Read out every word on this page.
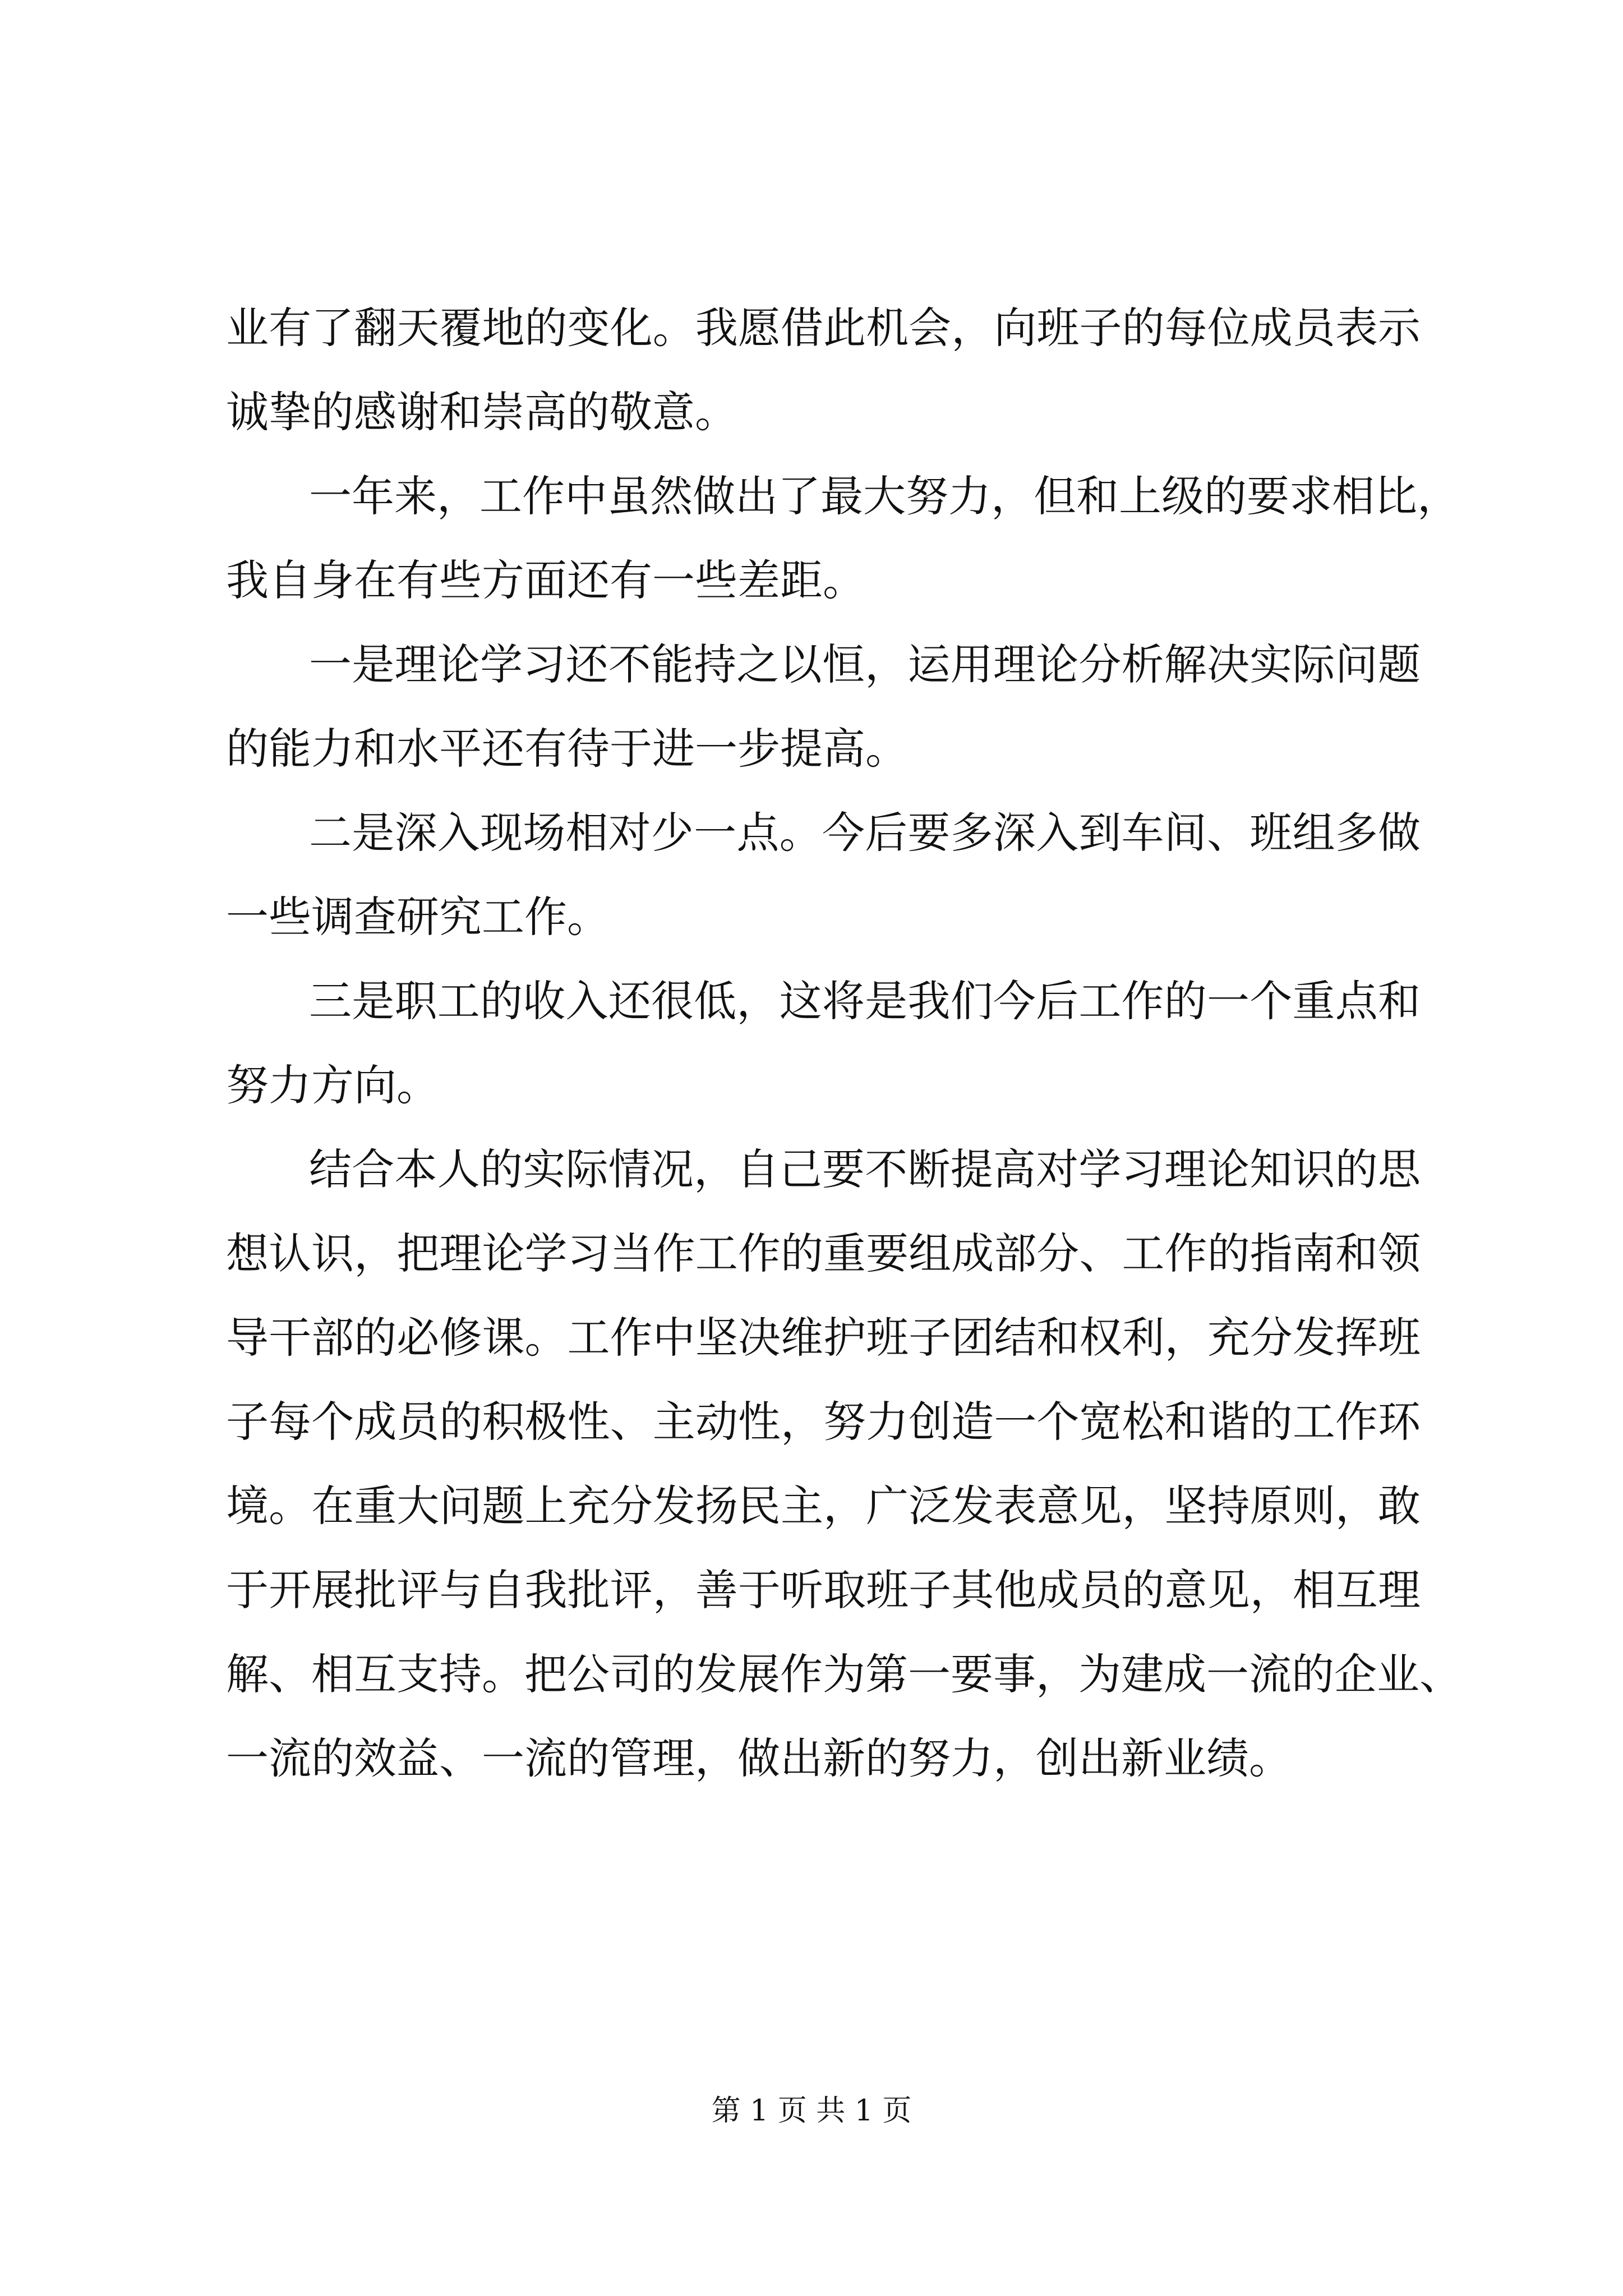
业有了翻天覆地的变化。我愿借此机会，向班子的每位成员表示
诚挚的感谢和崇高的敬意。
一年来，工作中虽然做出了最大努力，但和上级的要求相比，
我自身在有些方面还有一些差距。
一是理论学习还不能持之以恒，运用理论分析解决实际问题
的能力和水平还有待于进一步提高。
二是深入现场相对少一点。今后要多深入到车间、班组多做
一些调查研究工作。
三是职工的收入还很低，这将是我们今后工作的一个重点和
努力方向。
结合本人的实际情况，自己要不断提高对学习理论知识的思
想认识，把理论学习当作工作的重要组成部分、工作的指南和领
导干部的必修课。工作中坚决维护班子团结和权利，充分发挥班
子每个成员的积极性、主动性，努力创造一个宽松和谐的工作环
境。在重大问题上充分发扬民主，广泛发表意见，坚持原则，敢
于开展批评与自我批评，善于听取班子其他成员的意见，相互理
解、相互支持。把公司的发展作为第一要事，为建成一流的企业、
一流的效益、一流的管理，做出新的努力，创出新业绩。
第 1 页 共 1 页
